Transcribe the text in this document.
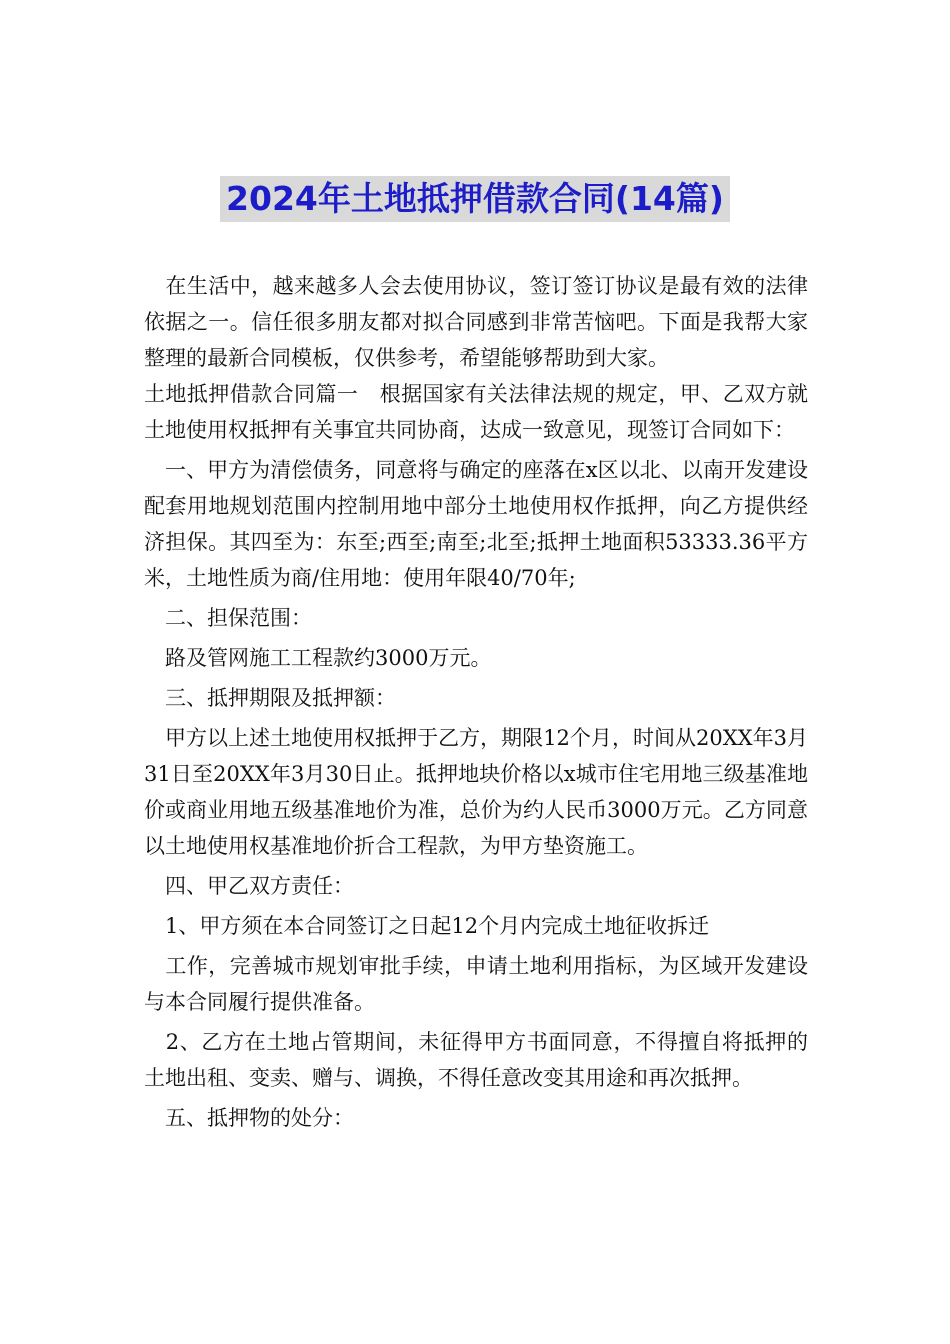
2024年土地抵押借款合同(14篇)

　在生活中，越来越多人会去使用协议，签订签订协议是最有效的法律依据之一。信任很多朋友都对拟合同感到非常苦恼吧。下面是我帮大家整理的最新合同模板，仅供参考，希望能够帮助到大家。

土地抵押借款合同篇一　根据国家有关法律法规的规定，甲、乙双方就土地使用权抵押有关事宜共同协商，达成一致意见，现签订合同如下：

　一、甲方为清偿债务，同意将与确定的座落在x区以北、以南开发建设配套用地规划范围内控制用地中部分土地使用权作抵押，向乙方提供经济担保。其四至为：东至;西至;南至;北至;抵押土地面积53333.36平方米，土地性质为商/住用地：使用年限40/70年;

　二、担保范围：

　路及管网施工工程款约3000万元。

　三、抵押期限及抵押额：

　甲方以上述土地使用权抵押于乙方，期限12个月，时间从20XX年3月31日至20XX年3月30日止。抵押地块价格以x城市住宅用地三级基准地价或商业用地五级基准地价为准，总价为约人民币3000万元。乙方同意以土地使用权基准地价折合工程款，为甲方垫资施工。

　四、甲乙双方责任：

　1、甲方须在本合同签订之日起12个月内完成土地征收拆迁

　工作，完善城市规划审批手续，申请土地利用指标，为区域开发建设与本合同履行提供准备。

　2、乙方在土地占管期间，未征得甲方书面同意，不得擅自将抵押的土地出租、变卖、赠与、调换，不得任意改变其用途和再次抵押。

　五、抵押物的处分：
